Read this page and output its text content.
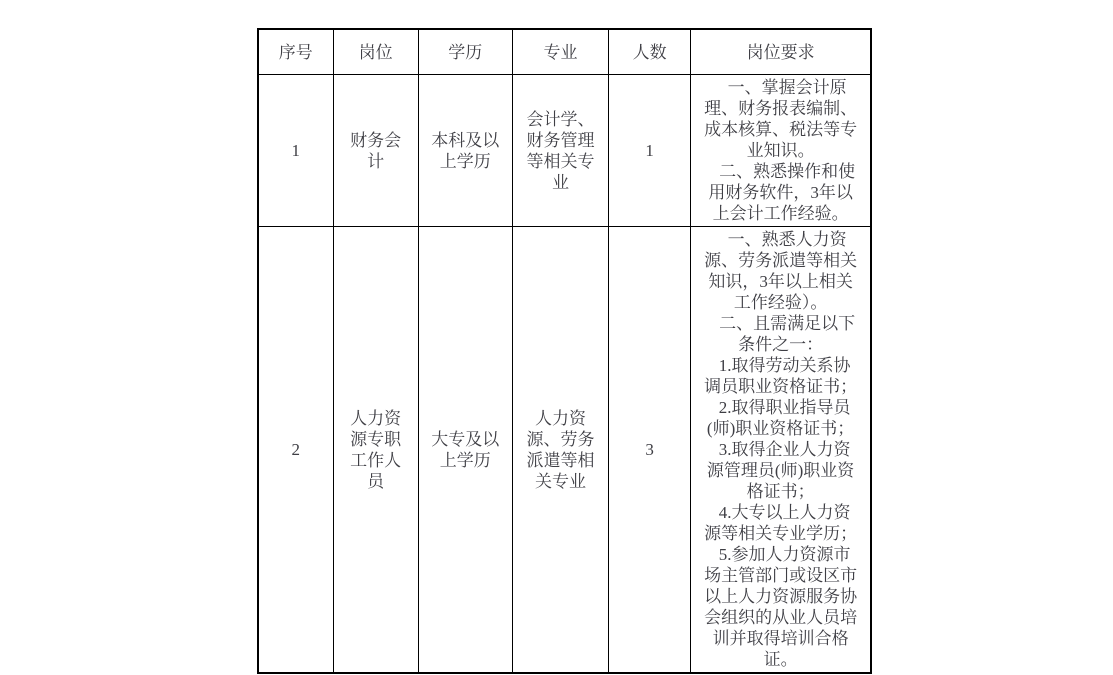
序号	岗位	学历	专业	人数	岗位要求
1	财务会计	本科及以上学历	会计学、财务管理等相关专业	1	一、掌握会计原理、财务报表编制、成本核算、税法等专业知识。

二、熟悉操作和使用财务软件，3年以上会计工作经验。

2	人力资源专职工作人员	大专及以上学历	人力资源、劳务派遣等相关专业	3	

一、熟悉人力资源、劳务派遣等相关知识，3年以上相关工作经验）。

二、且需满足以下条件之一：

1.取得劳动关系协调员职业资格证书；

2.取得职业指导员(师)职业资格证书；

3.取得企业人力资源管理员(师)职业资格证书；

4.大专以上人力资源等相关专业学历；

5.参加人力资源市场主管部门或设区市以上人力资源服务协会组织的从业人员培训并取得培训合格证。
